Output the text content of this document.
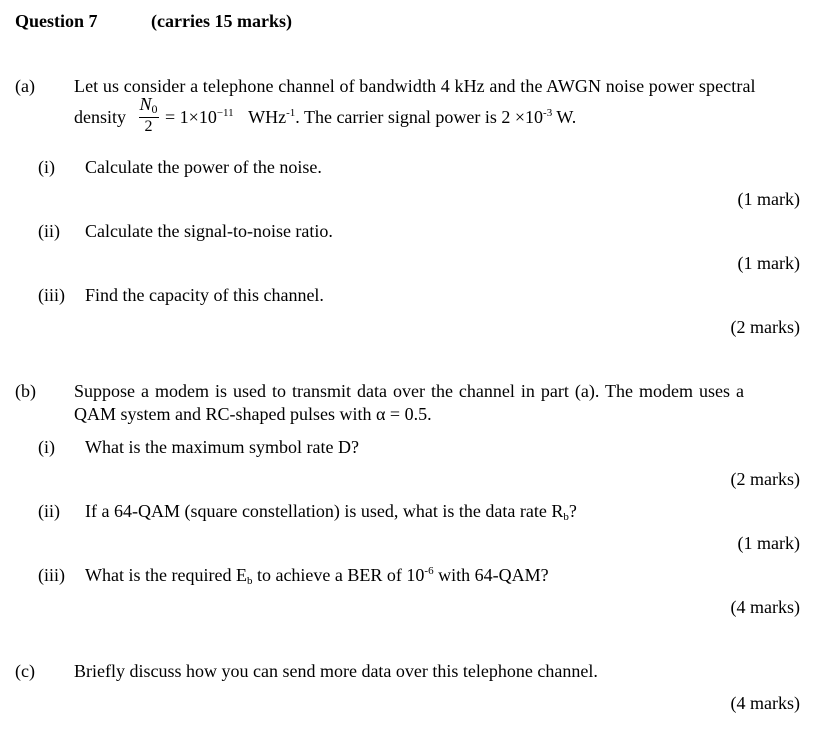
Question 7	(carries 15 marks)
(a) Let us consider a telephone channel of bandwidth 4 kHz and the AWGN noise power spectral
density $\frac{N_0}{2} = 1\times 10^{-11}$ WHz$^{-1}$. The carrier signal power is $2 \times 10^{-3}$ W.
(i) Calculate the power of the noise.
(1 mark)
(ii) Calculate the signal-to-noise ratio.
(1 mark)
(iii) Find the capacity of this channel.
(2 marks)
(b) Suppose a modem is used to transmit data over the channel in part (a). The modem uses a
QAM system and RC-shaped pulses with α = 0.5.
(i) What is the maximum symbol rate D?
(2 marks)
(ii) If a 64-QAM (square constellation) is used, what is the data rate $R_b$?
(1 mark)
(iii) What is the required $E_b$ to achieve a BER of $10^{-6}$ with 64-QAM?
(4 marks)
(c) Briefly discuss how you can send more data over this telephone channel.
(4 marks)
